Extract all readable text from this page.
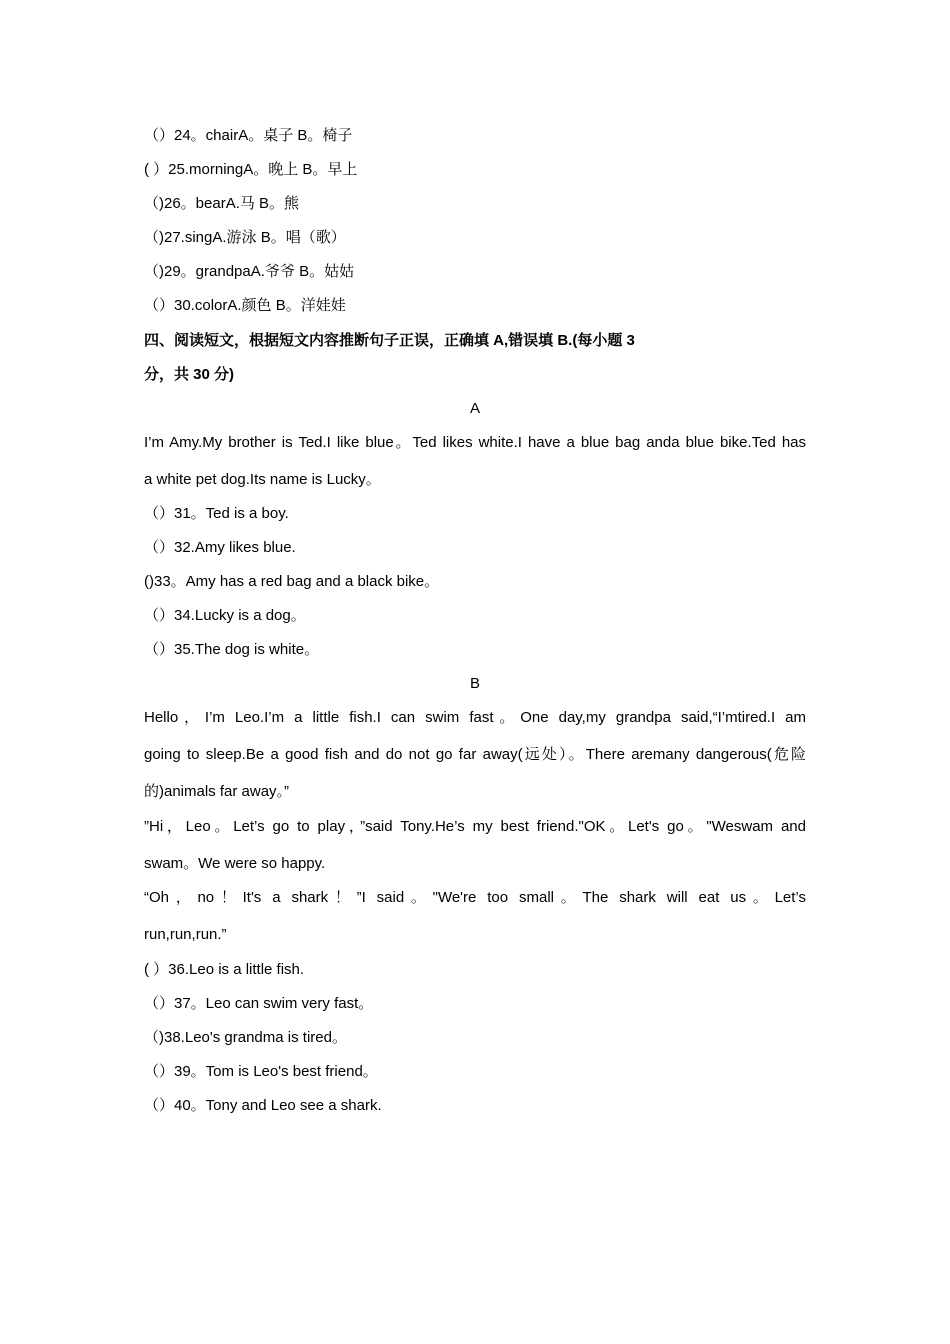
（）24。chairA。桌子 B。椅子
( ）25.morningA。晚上 B。早上
（)26。bearA.马 B。熊
（)27.singA.游泳 B。唱（歌）
（)29。grandpaA.爷爷 B。姑姑
（）30.colorA.颜色 B。洋娃娃
四、阅读短文，根据短文内容推断句子正误，正确填 A,错误填 B.(每小题 3
分，共 30 分)
A
I’m Amy.My brother is Ted.I like blue。Ted likes white.I have a blue bag anda blue bike.Ted has
a white pet dog.Its name is Lucky。
（）31。Ted is a boy.
（）32.Amy likes blue.
()33。Amy has a red bag and a black bike。
（）34.Lucky is a dog。
（）35.The dog is white。
B
Hello，I’m Leo.I’m a little fish.I can swim fast。One day,my grandpa said,“I’mtired.I am
going to sleep.Be a good fish and do not go far away(远处）。There aremany dangerous(危险
的)animals far away。”
”Hi，Leo。Let’s go to play，”said Tony.He’s my best friend."OK。Let's go。"Weswam and
swam。We were so happy.
“Oh，no！It's a shark！”I said。"We're too small。The shark will eat us。Let’s
run,run,run.”
( ）36.Leo is a little fish.
（）37。Leo can swim very fast。
（)38.Leo's grandma is tired。
（）39。Tom is Leo's best friend。
（）40。Tony and Leo see a shark.
